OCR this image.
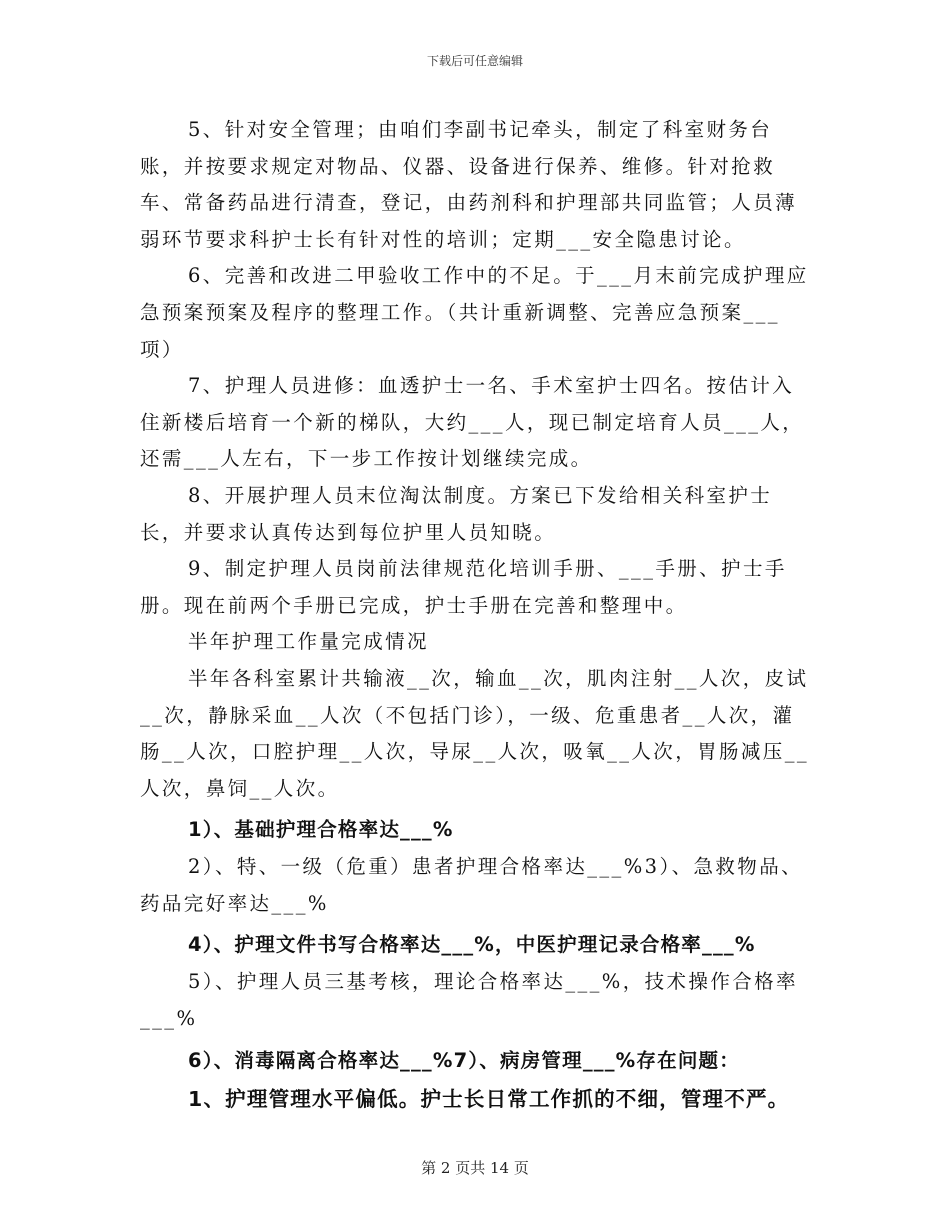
下载后可任意编辑

5、针对安全管理；由咱们李副书记牵头，制定了科室财务台账，并按要求规定对物品、仪器、设备进行保养、维修。针对抢救车、常备药品进行清查，登记，由药剂科和护理部共同监管；人员薄弱环节要求科护士长有针对性的培训；定期___安全隐患讨论。

6、完善和改进二甲验收工作中的不足。于___月末前完成护理应急预案预案及程序的整理工作。（共计重新调整、完善应急预案___项）

7、护理人员进修：血透护士一名、手术室护士四名。按估计入住新楼后培育一个新的梯队，大约___人，现已制定培育人员___人，还需___人左右，下一步工作按计划继续完成。

8、开展护理人员末位淘汰制度。方案已下发给相关科室护士长，并要求认真传达到每位护里人员知晓。

9、制定护理人员岗前法律规范化培训手册、___手册、护士手册。现在前两个手册已完成，护士手册在完善和整理中。

半年护理工作量完成情况

半年各科室累计共输液__次，输血__次，肌肉注射__人次，皮试__次，静脉采血__人次（不包括门诊），一级、危重患者__人次，灌肠__人次，口腔护理__人次，导尿__人次，吸氧__人次，胃肠减压__人次，鼻饲__人次。

1）、基础护理合格率达___%

2）、特、一级（危重）患者护理合格率达___%3）、急救物品、药品完好率达___%

4）、护理文件书写合格率达___%，中医护理记录合格率___%

5）、护理人员三基考核，理论合格率达___%，技术操作合格率___%

6）、消毒隔离合格率达___%7）、病房管理___%存在问题：

1、护理管理水平偏低。护士长日常工作抓的不细，管理不严。

第 2 页共 14 页
